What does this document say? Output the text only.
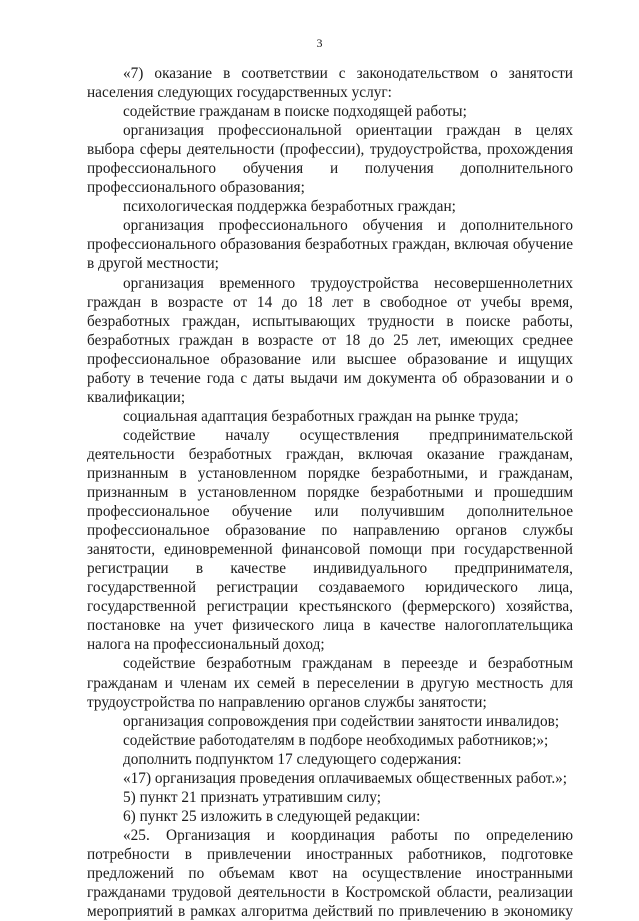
3

«7) оказание в соответствии с законодательством о занятости населения следующих государственных услуг:

содействие гражданам в поиске подходящей работы;

организация профессиональной ориентации граждан в целях выбора сферы деятельности (профессии), трудоустройства, прохождения профессионального обучения и получения дополнительного профессионального образования;

психологическая поддержка безработных граждан;

организация профессионального обучения и дополнительного профессионального образования безработных граждан, включая обучение в другой местности;

организация временного трудоустройства несовершеннолетних граждан в возрасте от 14 до 18 лет в свободное от учебы время, безработных граждан, испытывающих трудности в поиске работы, безработных граждан в возрасте от 18 до 25 лет, имеющих среднее профессиональное образование или высшее образование и ищущих работу в течение года с даты выдачи им документа об образовании и о квалификации;

социальная адаптация безработных граждан на рынке труда;

содействие началу осуществления предпринимательской деятельности безработных граждан, включая оказание гражданам, признанным в установленном порядке безработными, и гражданам, признанным в установленном порядке безработными и прошедшим профессиональное обучение или получившим дополнительное профессиональное образование по направлению органов службы занятости, единовременной финансовой помощи при государственной регистрации в качестве индивидуального предпринимателя, государственной регистрации создаваемого юридического лица, государственной регистрации крестьянского (фермерского) хозяйства, постановке на учет физического лица в качестве налогоплательщика налога на профессиональный доход;

содействие безработным гражданам в переезде и безработным гражданам и членам их семей в переселении в другую местность для трудоустройства по направлению органов службы занятости;

организация сопровождения при содействии занятости инвалидов;

содействие работодателям в подборе необходимых работников;»;

дополнить подпунктом 17 следующего содержания:

«17) организация проведения оплачиваемых общественных работ.»;

5) пункт 21 признать утратившим силу;

6) пункт 25 изложить в следующей редакции:

«25. Организация и координация работы по определению потребности в привлечении иностранных работников, подготовке предложений по объемам квот на осуществление иностранными гражданами трудовой деятельности в Костромской области, реализации мероприятий в рамках алгоритма действий по привлечению в экономику
